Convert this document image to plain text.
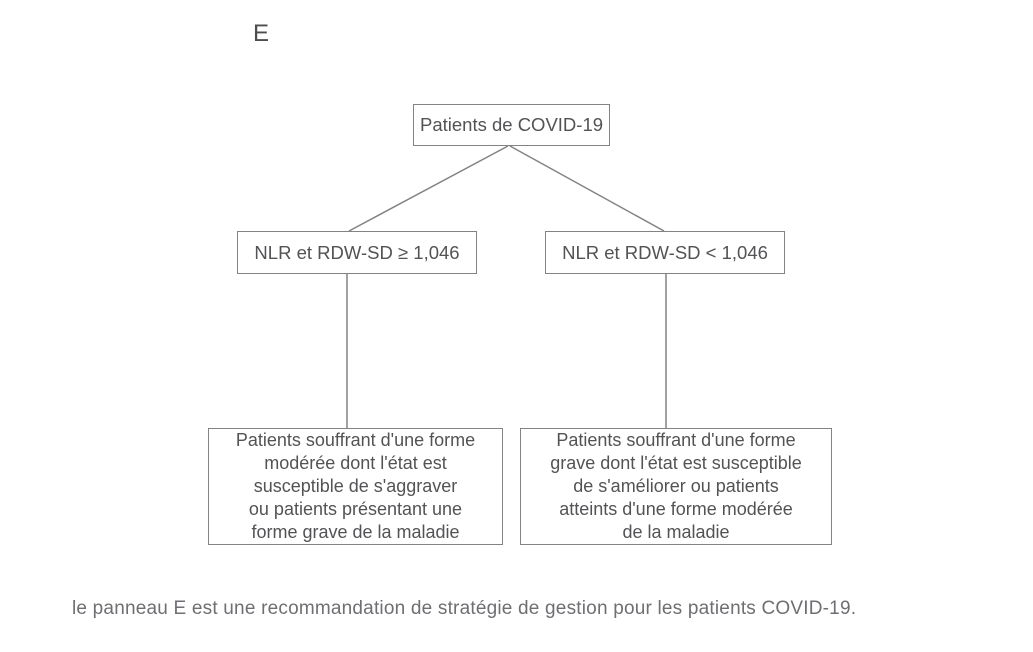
E
Patients de COVID-19
NLR et RDW-SD ≥ 1,046	NLR et RDW-SD < 1,046
Patients souffrant d'une forme
modérée dont l'état est
susceptible de s'aggraver
ou patients présentant une
forme grave de la maladie
Patients souffrant d'une forme
grave dont l'état est susceptible
de s'améliorer ou patients
atteints d'une forme modérée
de la maladie
le panneau E est une recommandation de stratégie de gestion pour les patients COVID-19.
